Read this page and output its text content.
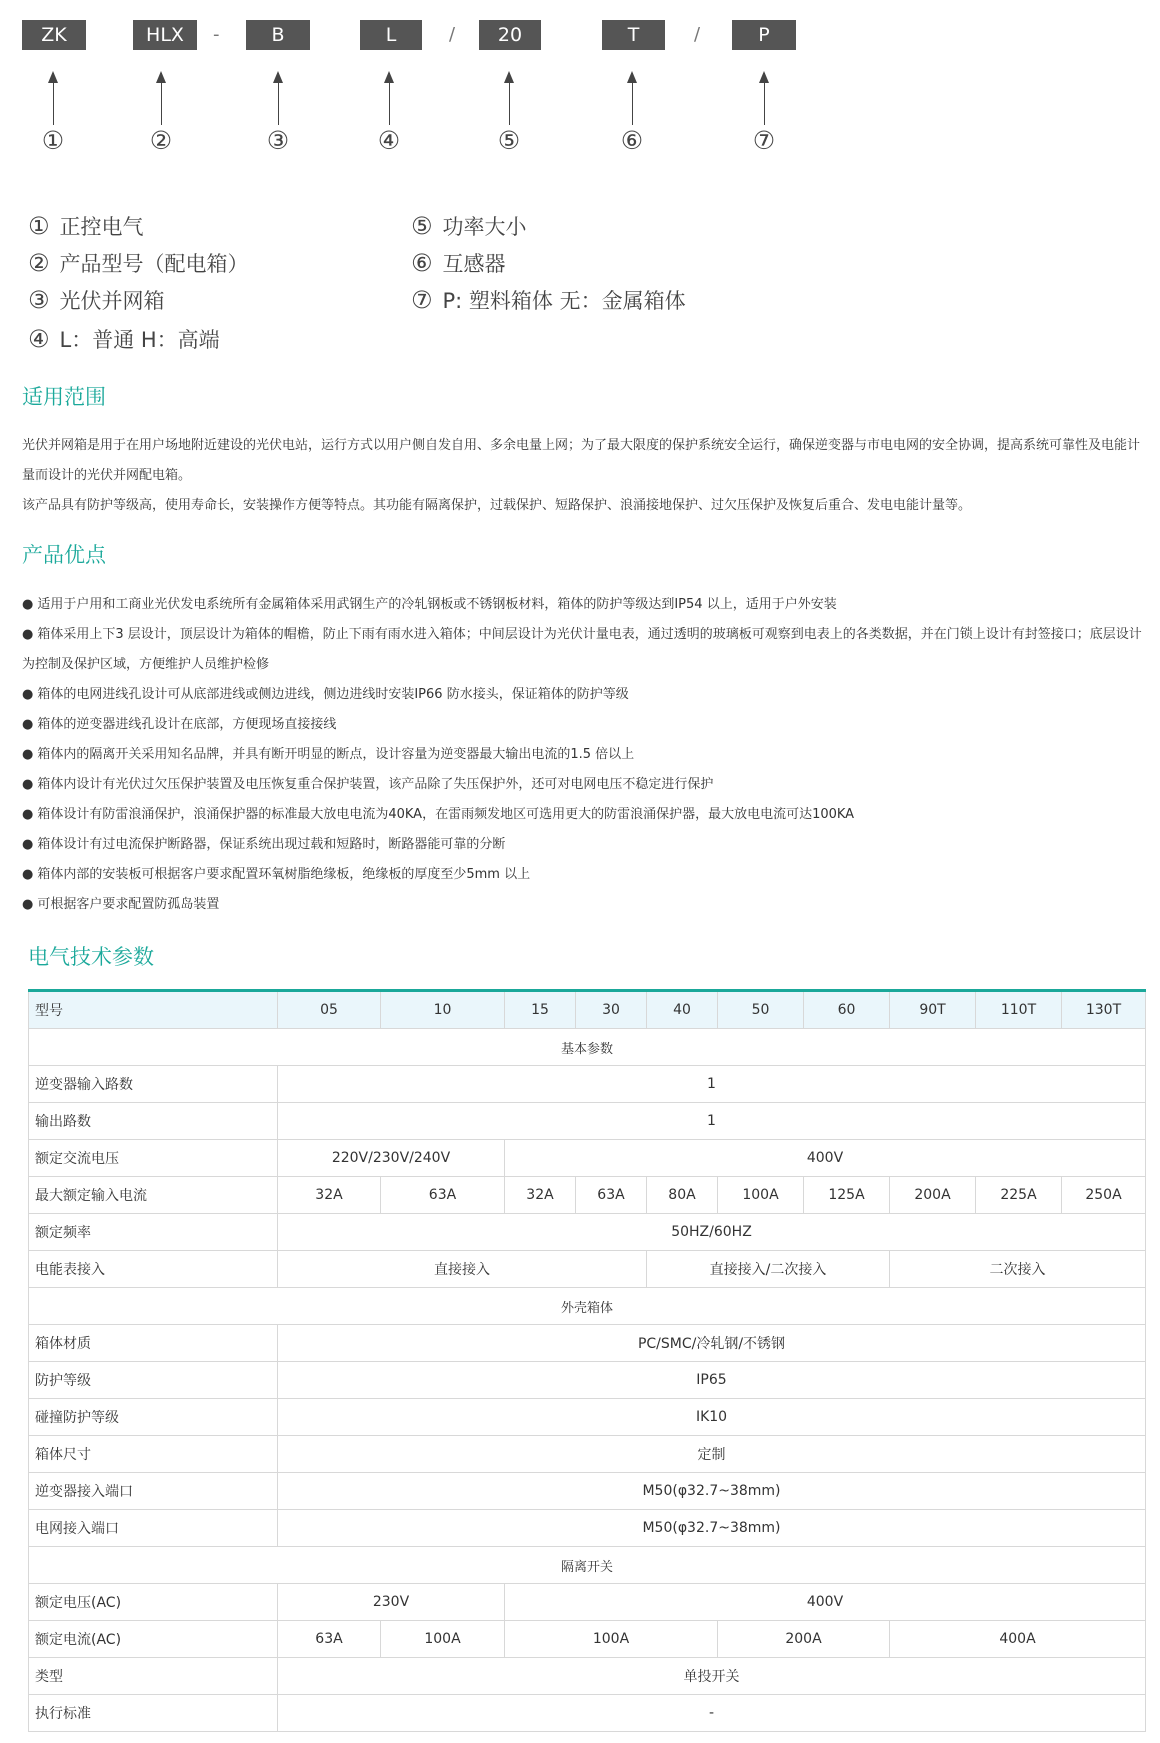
ZK	HLX	-	B	L	/	20	T	/	P
①	②	③	④	⑤	⑥	⑦
① 正控电气
② 产品型号（配电箱）
③ 光伏并网箱
④ L：普通 H：高端
⑤ 功率大小
⑥ 互感器
⑦ P: 塑料箱体 无：金属箱体
适用范围
光伏并网箱是用于在用户场地附近建设的光伏电站，运行方式以用户侧自发自用、多余电量上网；为了最大限度的保护系统安全运行，确保逆变器与市电电网的安全协调，提高系统可靠性及电能计量而设计的光伏并网配电箱。
该产品具有防护等级高，使用寿命长，安装操作方便等特点。其功能有隔离保护，过载保护、短路保护、浪涌接地保护、过欠压保护及恢复后重合、发电电能计量等。
产品优点
● 适用于户用和工商业光伏发电系统所有金属箱体采用武钢生产的冷轧钢板或不锈钢板材料，箱体的防护等级达到IP54 以上，适用于户外安装
● 箱体采用上下3 层设计，顶层设计为箱体的帽檐，防止下雨有雨水进入箱体；中间层设计为光伏计量电表，通过透明的玻璃板可观察到电表上的各类数据，并在门锁上设计有封签接口；底层设计为控制及保护区域，方便维护人员维护检修
● 箱体的电网进线孔设计可从底部进线或侧边进线，侧边进线时安装IP66 防水接头，保证箱体的防护等级
● 箱体的逆变器进线孔设计在底部，方便现场直接接线
● 箱体内的隔离开关采用知名品牌，并具有断开明显的断点，设计容量为逆变器最大输出电流的1.5 倍以上
● 箱体内设计有光伏过欠压保护装置及电压恢复重合保护装置，该产品除了失压保护外，还可对电网电压不稳定进行保护
● 箱体设计有防雷浪涌保护，浪涌保护器的标准最大放电电流为40KA，在雷雨频发地区可选用更大的防雷浪涌保护器，最大放电电流可达100KA
● 箱体设计有过电流保护断路器，保证系统出现过载和短路时，断路器能可靠的分断
● 箱体内部的安装板可根据客户要求配置环氧树脂绝缘板，绝缘板的厚度至少5mm 以上
● 可根据客户要求配置防孤岛装置
电气技术参数
型号	05	10	15	30	40	50	60	90T	110T	130T
基本参数										
逆变器输入路数	1									
输出路数	1									
额定交流电压	220V/230V/240V		400V							
最大额定输入电流	32A	63A	32A	63A	80A	100A	125A	200A	225A	250A
额定频率	50HZ/60HZ									
电能表接入	直接接入				直接接入/二次接入			二次接入		
外壳箱体										
箱体材质	PC/SMC/冷轧钢/不锈钢									
防护等级	IP65									
碰撞防护等级	IK10									
箱体尺寸	定制									
逆变器接入端口	M50(φ32.7~38mm)									
电网接入端口	M50(φ32.7~38mm)									
隔离开关										
额定电压(AC)	230V		400V							
额定电流(AC)	63A	100A	100A			200A		400A		
类型	单投开关									
执行标准	-									
